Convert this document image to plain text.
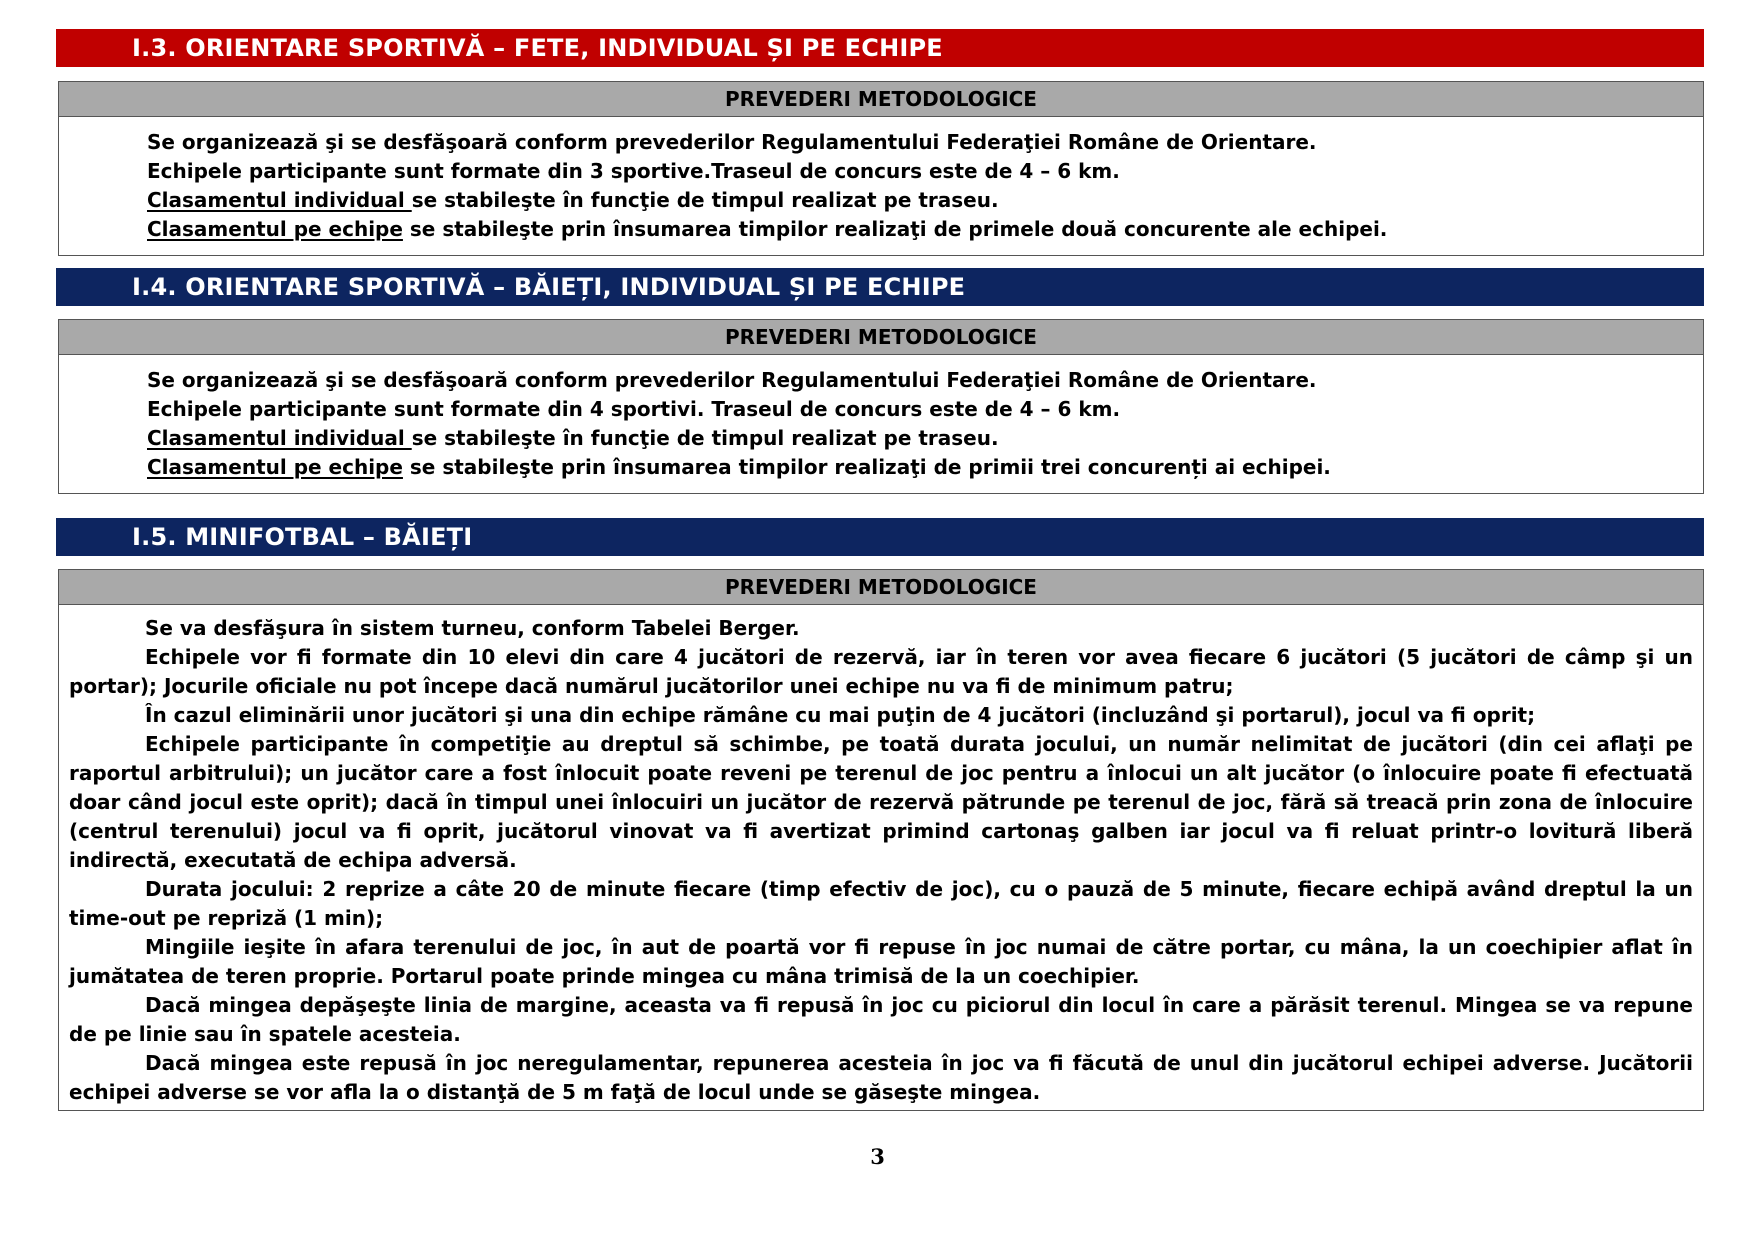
I.3. ORIENTARE SPORTIVĂ – FETE, INDIVIDUAL ȘI PE ECHIPE
PREVEDERI METODOLOGICE
Se organizează şi se desfăşoară conform prevederilor Regulamentului Federaţiei Române de Orientare.
Echipele participante sunt formate din 3 sportive.Traseul de concurs este de 4 – 6 km.
Clasamentul individual se stabileşte în funcţie de timpul realizat pe traseu.
Clasamentul pe echipe se stabileşte prin însumarea timpilor realizaţi de primele două concurente ale echipei.
I.4. ORIENTARE SPORTIVĂ – BĂIEȚI, INDIVIDUAL ȘI PE ECHIPE
PREVEDERI METODOLOGICE
Se organizează şi se desfăşoară conform prevederilor Regulamentului Federaţiei Române de Orientare.
Echipele participante sunt formate din 4 sportivi. Traseul de concurs este de 4 – 6 km.
Clasamentul individual se stabileşte în funcţie de timpul realizat pe traseu.
Clasamentul pe echipe se stabileşte prin însumarea timpilor realizaţi de primii trei concurenți ai echipei.
I.5. MINIFOTBAL – BĂIEȚI
PREVEDERI METODOLOGICE

Se va desfăşura în sistem turneu, conform Tabelei Berger.

Echipele vor fi formate din 10 elevi din care 4 jucători de rezervă, iar în teren vor avea fiecare 6 jucători (5 jucători de câmp şi un portar); Jocurile oficiale nu pot începe dacă numărul jucătorilor unei echipe nu va fi de minimum patru;

În cazul eliminării unor jucători şi una din echipe rămâne cu mai puţin de 4 jucători (incluzând şi portarul), jocul va fi oprit;

Echipele participante în competiţie au dreptul să schimbe, pe toată durata jocului, un număr nelimitat de jucători (din cei aflaţi pe raportul arbitrului); un jucător care a fost înlocuit poate reveni pe terenul de joc pentru a înlocui un alt jucător (o înlocuire poate fi efectuată doar când jocul este oprit); dacă în timpul unei înlocuiri un jucător de rezervă pătrunde pe terenul de joc, fără să treacă prin zona de înlocuire (centrul terenului) jocul va fi oprit, jucătorul vinovat va fi avertizat primind cartonaş galben iar jocul va fi reluat printr-o lovitură liberă indirectă, executată de echipa adversă.

Durata jocului: 2 reprize a câte 20 de minute fiecare (timp efectiv de joc), cu o pauză de 5 minute, fiecare echipă având dreptul la un time-out pe repriză (1 min);

Mingiile ieşite în afara terenului de joc, în aut de poartă vor fi repuse în joc numai de către portar, cu mâna, la un coechipier aflat în jumătatea de teren proprie. Portarul poate prinde mingea cu mâna trimisă de la un coechipier.

Dacă mingea depăşeşte linia de margine, aceasta va fi repusă în joc cu piciorul din locul în care a părăsit terenul. Mingea se va repune de pe linie sau în spatele acesteia.

Dacă mingea este repusă în joc neregulamentar, repunerea acesteia în joc va fi făcută de unul din jucătorul echipei adverse. Jucătorii echipei adverse se vor afla la o distanţă de 5 m faţă de locul unde se găseşte mingea.

3
